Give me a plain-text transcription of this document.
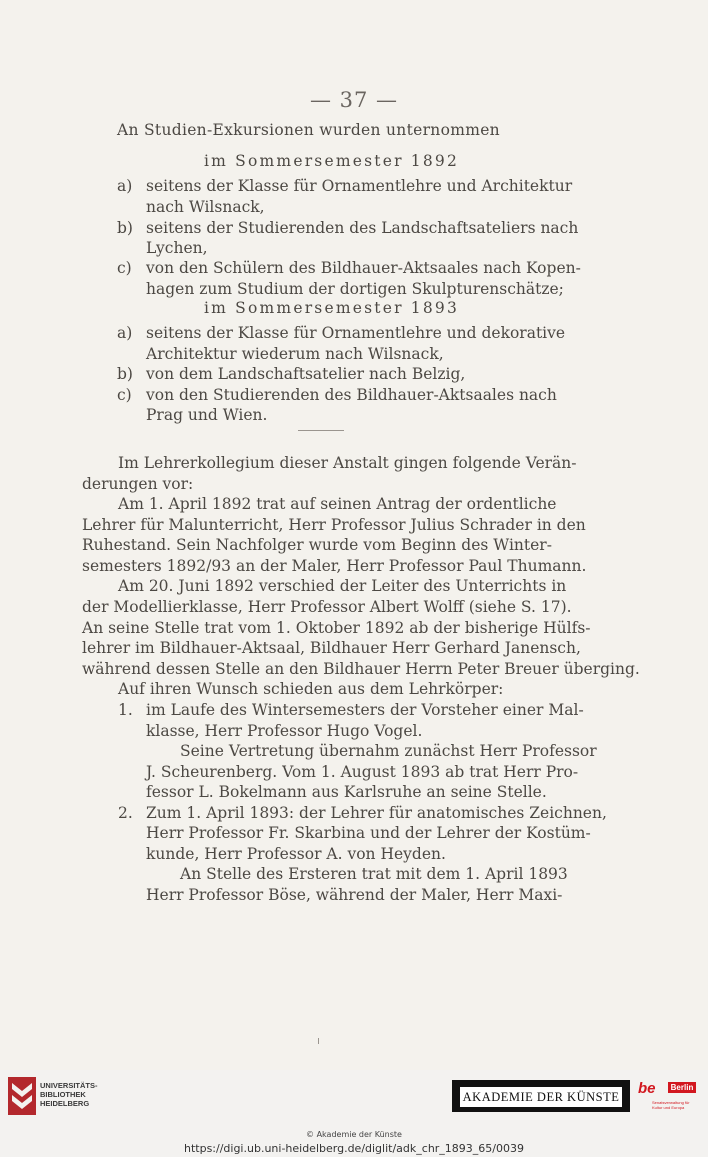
— 37 —
An Studien-Exkursionen wurden unternommen
im Sommersemester 1892
a) seitens der Klasse für Ornamentlehre und Architektur
nach Wilsnack,
b) seitens der Studierenden des Landschaftsateliers nach
Lychen,
c) von den Schülern des Bildhauer-Aktsaales nach Kopen-
hagen zum Studium der dortigen Skulpturenschätze;
im Sommersemester 1893
a) seitens der Klasse für Ornamentlehre und dekorative
Architektur wiederum nach Wilsnack,
b) von dem Landschaftsatelier nach Belzig,
c) von den Studierenden des Bildhauer-Aktsaales nach
Prag und Wien.
Im Lehrerkollegium dieser Anstalt gingen folgende Verän-
derungen vor:
Am 1. April 1892 trat auf seinen Antrag der ordentliche
Lehrer für Malunterricht, Herr Professor Julius Schrader in den
Ruhestand. Sein Nachfolger wurde vom Beginn des Winter-
semesters 1892/93 an der Maler, Herr Professor Paul Thumann.
Am 20. Juni 1892 verschied der Leiter des Unterrichts in
der Modellierklasse, Herr Professor Albert Wolff (siehe S. 17).
An seine Stelle trat vom 1. Oktober 1892 ab der bisherige Hülfs-
lehrer im Bildhauer-Aktsaal, Bildhauer Herr Gerhard Janensch,
während dessen Stelle an den Bildhauer Herrn Peter Breuer überging.
Auf ihren Wunsch schieden aus dem Lehrkörper:
1. im Laufe des Wintersemesters der Vorsteher einer Mal-
klasse, Herr Professor Hugo Vogel.
Seine Vertretung übernahm zunächst Herr Professor
J. Scheurenberg. Vom 1. August 1893 ab trat Herr Pro-
fessor L. Bokelmann aus Karlsruhe an seine Stelle.
2. Zum 1. April 1893: der Lehrer für anatomisches Zeichnen,
Herr Professor Fr. Skarbina und der Lehrer der Kostüm-
kunde, Herr Professor A. von Heyden.
An Stelle des Ersteren trat mit dem 1. April 1893
Herr Professor Böse, während der Maler, Herr Maxi-
UNIVERSITÄTS-
BIBLIOTHEK
HEIDELBERG	AKADEMIE DER KÜNSTE be	Berlin
Senatsverwaltung für Kultur und Europa
© Akademie der Künste
https://digi.ub.uni-heidelberg.de/diglit/adk_chr_1893_65/0039
